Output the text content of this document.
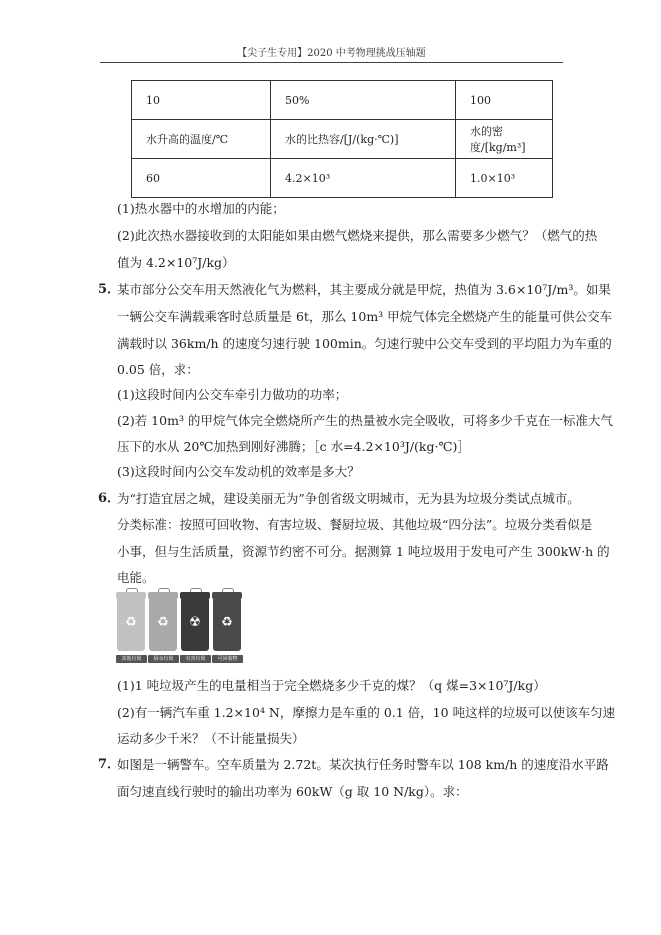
【尖子生专用】2020 中考物理挑战压轴题
10	50%	100
水升高的温度/℃	水的比热容/[J/(kg·℃)]	水的密度/[kg/m³]
60	4.2×10³	1.0×10³
(1)热水器中的水增加的内能；
(2)此次热水器接收到的太阳能如果由燃气燃烧来提供，那么需要多少燃气？（燃气的热
值为 4.2×10⁷J/kg）
5．
某市部分公交车用天然液化气为燃料，其主要成分就是甲烷，热值为 3.6×10⁷J/m³。如果
一辆公交车满载乘客时总质量是 6t，那么 10m³ 甲烷气体完全燃烧产生的能量可供公交车
满载时以 36km/h 的速度匀速行驶 100min。匀速行驶中公交车受到的平均阻力为车重的
0.05 倍，求：
(1)这段时间内公交车牵引力做功的功率；
(2)若 10m³ 的甲烷气体完全燃烧所产生的热量被水完全吸收，可将多少千克在一标准大气
压下的水从 20℃加热到刚好沸腾；［c 水=4.2×10³J/(kg·℃)］
(3)这段时间内公交车发动机的效率是多大？
6．
为“打造宜居之城，建设美丽无为”争创省级文明城市，无为县为垃圾分类试点城市。
分类标准：按照可回收物、有害垃圾、餐厨垃圾、其他垃圾“四分法”。垃圾分类看似是
小事，但与生活质量，资源节约密不可分。据测算 1 吨垃圾用于发电可产生 300kW·h 的
电能。
♻	♻	☢	♻
其他垃圾	厨余垃圾	有害垃圾	可回收物
(1)1 吨垃圾产生的电量相当于完全燃烧多少千克的煤？（q 煤=3×10⁷J/kg）
(2)有一辆汽车重 1.2×10⁴ N，摩擦力是车重的 0.1 倍，10 吨这样的垃圾可以使该车匀速
运动多少千米？（不计能量损失）
7．
如图是一辆警车。空车质量为 2.72t。某次执行任务时警车以 108 km/h 的速度沿水平路
面匀速直线行驶时的输出功率为 60kW（g 取 10 N/kg）。求：
